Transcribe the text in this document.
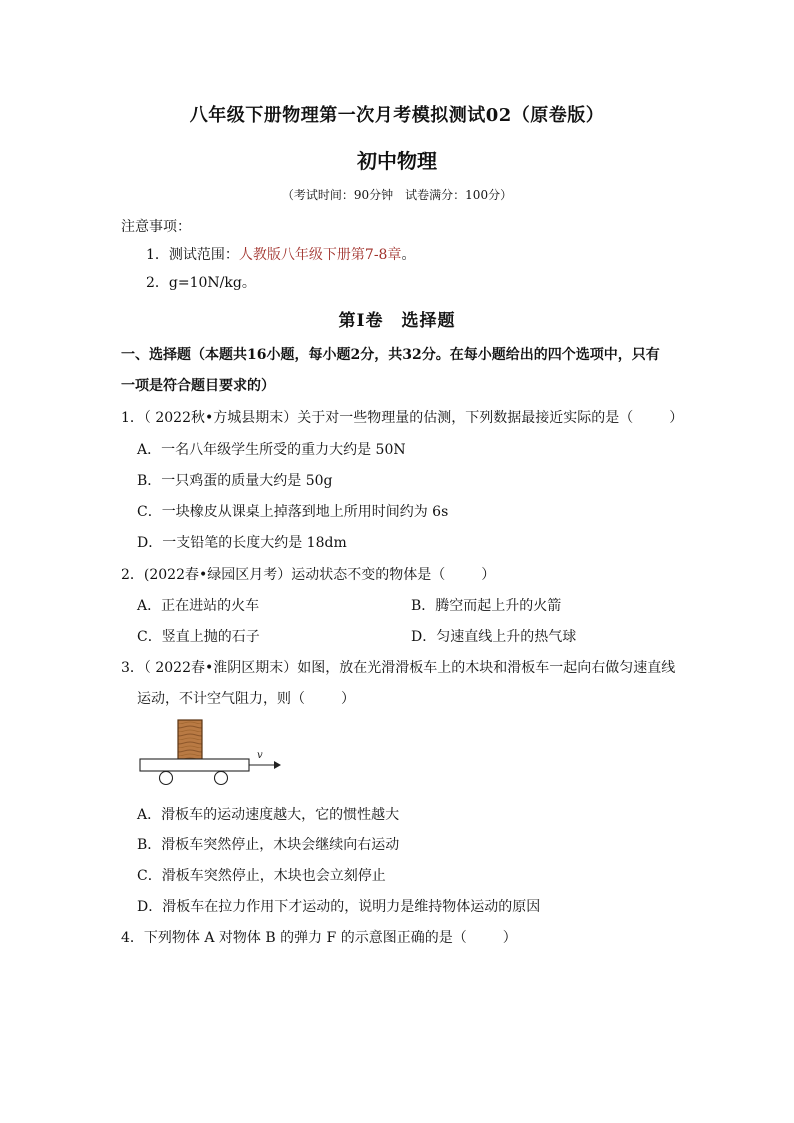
八年级下册物理第一次月考模拟测试02（原卷版）
初中物理
（考试时间：90分钟　试卷满分：100分）
注意事项：
1．测试范围：人教版八年级下册第7-8章。
2．g=10N/kg。
第Ⅰ卷　选择题
一、选择题（本题共16小题，每小题2分，共32分。在每小题给出的四个选项中，只有
一项是符合题目要求的）
1．（ 2022秋•方城县期末）关于对一些物理量的估测，下列数据最接近实际的是（	）
A．一名八年级学生所受的重力大约是 50N
B．一只鸡蛋的质量大约是 50g
C．一块橡皮从课桌上掉落到地上所用时间约为 6s
D．一支铅笔的长度大约是 18dm
2．(2022春•绿园区月考）运动状态不变的物体是（	）
A．正在进站的火车	B．腾空而起上升的火箭
C．竖直上抛的石子	D．匀速直线上升的热气球
3．（ 2022春•淮阴区期末）如图，放在光滑滑板车上的木块和滑板车一起向右做匀速直线
运动，不计空气阻力，则（	）
v
A．滑板车的运动速度越大，它的惯性越大
B．滑板车突然停止，木块会继续向右运动
C．滑板车突然停止，木块也会立刻停止
D．滑板车在拉力作用下才运动的，说明力是维持物体运动的原因
4．下列物体 A 对物体 B 的弹力 F 的示意图正确的是（	）
